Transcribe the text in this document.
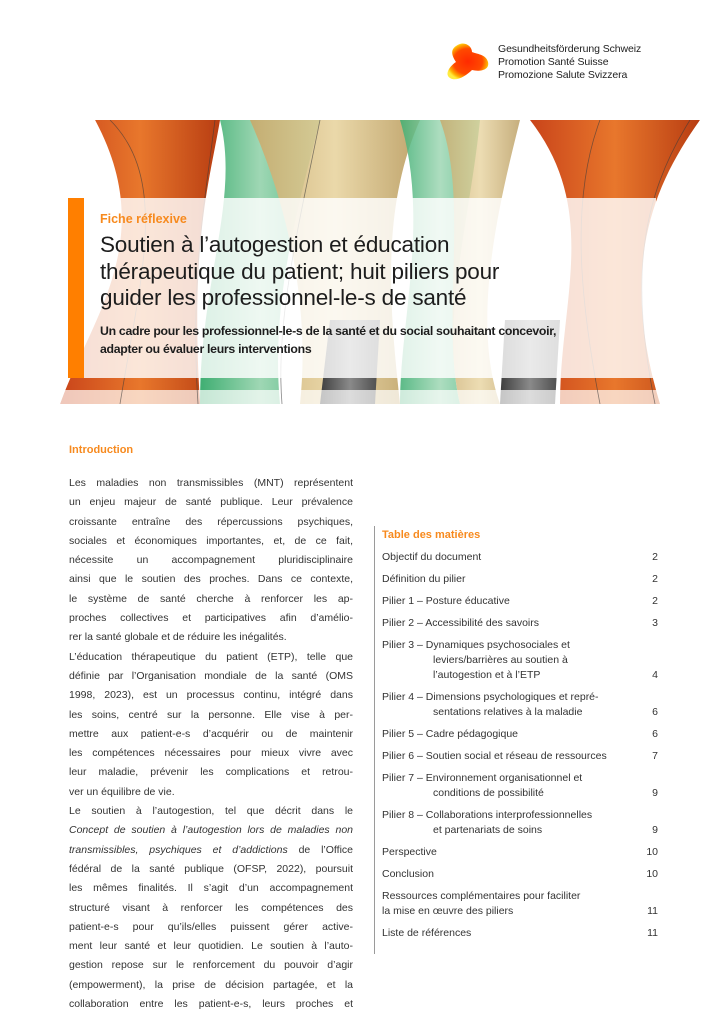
Gesundheitsförderung Schweiz
Promotion Santé Suisse
Promozione Salute Svizzera
Fiche réflexive
Soutien à l’autogestion et éducation
thérapeutique du patient; huit piliers pour
guider les professionnel-le-s de santé
Un cadre pour les professionnel-le-s de la santé et du social souhaitant concevoir,
adapter ou évaluer leurs interventions
Introduction
Les maladies non transmissibles (MNT) représentent
un enjeu majeur de santé publique. Leur prévalence
croissante entraîne des répercussions psychiques,
sociales et économiques importantes, et, de ce fait,
nécessite un accompagnement pluridisciplinaire
ainsi que le soutien des proches. Dans ce contexte,
le système de santé cherche à renforcer les ap-
proches collectives et participatives afin d’amélio-
rer la santé globale et de réduire les inégalités.
L’éducation thérapeutique du patient (ETP), telle que
définie par l’Organisation mondiale de la santé (OMS
1998, 2023), est un processus continu, intégré dans
les soins, centré sur la personne. Elle vise à per-
mettre aux patient-e-s d’acquérir ou de maintenir
les compétences nécessaires pour mieux vivre avec
leur maladie, prévenir les complications et retrou-
ver un équilibre de vie.
Le soutien à l’autogestion, tel que décrit dans le
Concept de soutien à l’autogestion lors de maladies non
transmissibles, psychiques et d’addictions de l’Office
fédéral de la santé publique (OFSP, 2022), poursuit
les mêmes finalités. Il s’agit d’un accompagnement
structuré visant à renforcer les compétences des
patient-e-s pour qu’ils/elles puissent gérer active-
ment leur santé et leur quotidien. Le soutien à l’auto-
gestion repose sur le renforcement du pouvoir d’agir
(empowerment), la prise de décision partagée, et la
collaboration entre les patient-e-s, leurs proches et
Table des matières
Objectif du document	2
Définition du pilier	2
Pilier 1 – Posture éducative	2
Pilier 2 – Accessibilité des savoirs	3
Pilier 3 – Dynamiques psychosociales et
leviers/barrières au soutien à
l’autogestion et à l’ETP	4
Pilier 4 – Dimensions psychologiques et repré-
sentations relatives à la maladie	6
Pilier 5 – Cadre pédagogique	6
Pilier 6 – Soutien social et réseau de ressources	7
Pilier 7 – Environnement organisationnel et
conditions de possibilité	9
Pilier 8 – Collaborations interprofessionnelles
et partenariats de soins	9
Perspective	10
Conclusion	10
Ressources complémentaires pour faciliter
la mise en œuvre des piliers	11
Liste de références	11
